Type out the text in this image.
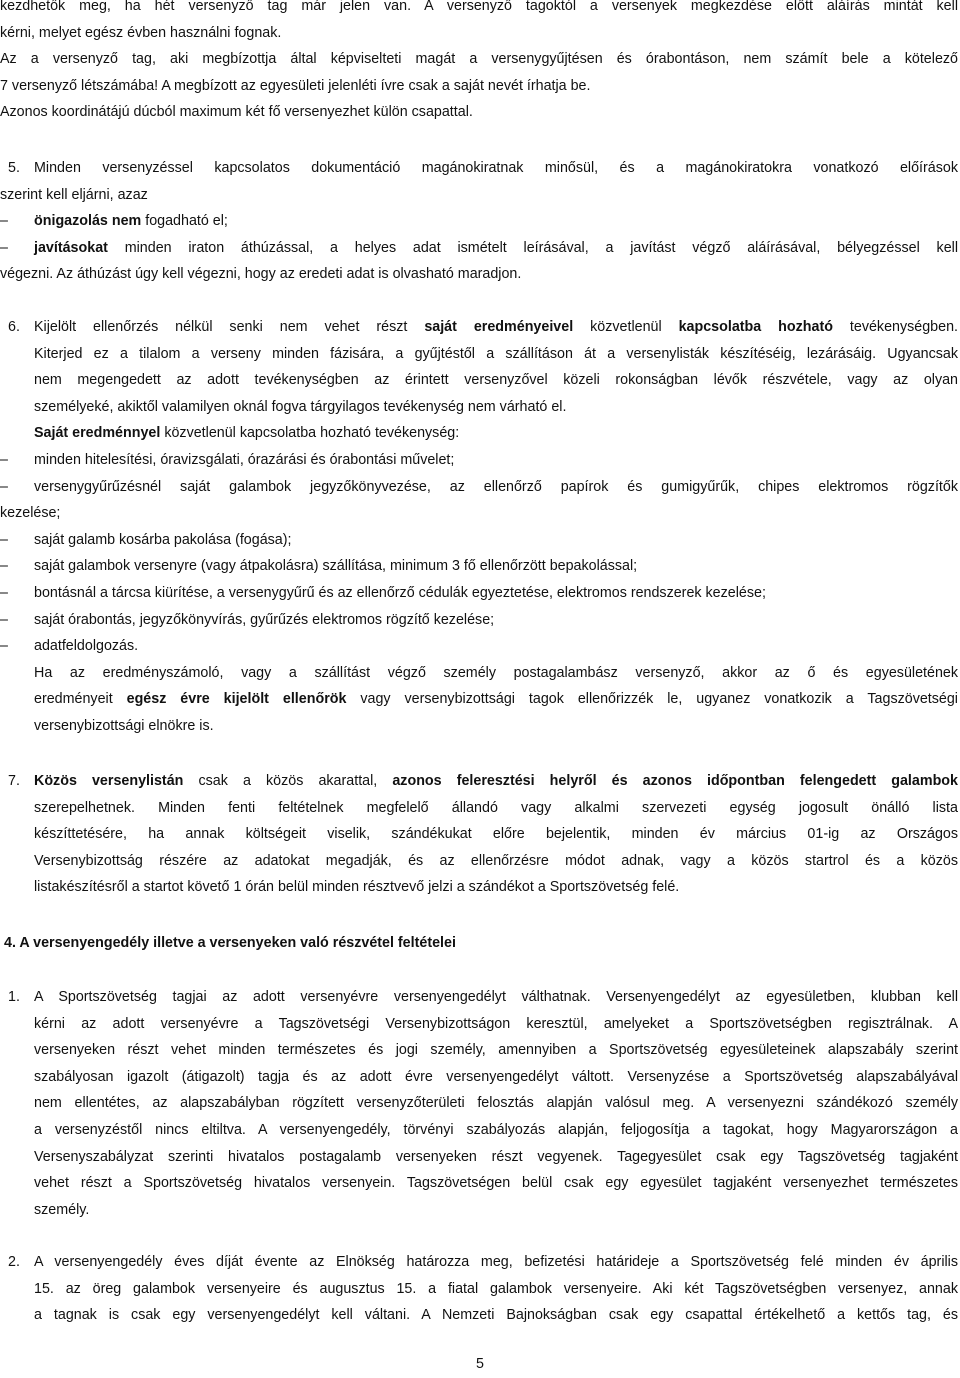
kezdhetők meg, ha hét versenyző tag már jelen van. A versenyző tagoktól a versenyek megkezdése előtt aláírás mintát kell
kérni, melyet egész évben használni fognak.
Az a versenyző tag, aki megbízottja által képviselteti magát a versenygyűjtésen és órabontáson, nem számít bele a kötelező
7 versenyző létszámába! A megbízott az egyesületi jelenléti ívre csak a saját nevét írhatja be.
Azonos koordinátájú dúcból maximum két fő versenyezhet külön csapattal.
5. Minden versenyzéssel kapcsolatos dokumentáció magánokiratnak minősül, és a magánokiratokra vonatkozó előírások
szerint kell eljárni, azaz
– önigazolás nem fogadható el;
– javításokat minden iraton áthúzással, a helyes adat ismételt leírásával, a javítást végző aláírásával, bélyegzéssel kell
végezni. Az áthúzást úgy kell végezni, hogy az eredeti adat is olvasható maradjon.
6. Kijelölt ellenőrzés nélkül senki nem vehet részt saját eredményeivel közvetlenül kapcsolatba hozható tevékenységben.
Kiterjed ez a tilalom a verseny minden fázisára, a gyűjtéstől a szállításon át a versenylisták készítéséig, lezárásáig. Ugyancsak
nem megengedett az adott tevékenységben az érintett versenyzővel közeli rokonságban lévők részvétele, vagy az olyan
személyeké, akiktől valamilyen oknál fogva tárgyilagos tevékenység nem várható el.
Saját eredménnyel közvetlenül kapcsolatba hozható tevékenység:
– minden hitelesítési, óravizsgálati, órazárási és órabontási művelet;
– versenygyűrűzésnél saját galambok jegyzőkönyvezése, az ellenőrző papírok és gumigyűrűk, chipes elektromos rögzítők
kezelése;
– saját galamb kosárba pakolása (fogása);
– saját galambok versenyre (vagy átpakolásra) szállítása, minimum 3 fő ellenőrzött bepakolással;
– bontásnál a tárcsa kiürítése, a versenygyűrű és az ellenőrző cédulák egyeztetése, elektromos rendszerek kezelése;
– saját órabontás, jegyzőkönyvírás, gyűrűzés elektromos rögzítő kezelése;
– adatfeldolgozás.
Ha az eredményszámoló, vagy a szállítást végző személy postagalambász versenyző, akkor az ő és egyesületének
eredményeit egész évre kijelölt ellenőrök vagy versenybizottsági tagok ellenőrizzék le, ugyanez vonatkozik a Tagszövetségi
versenybizottsági elnökre is.
7. Közös versenylistán csak a közös akarattal, azonos feleresztési helyről és azonos időpontban felengedett galambok
szerepelhetnek. Minden fenti feltételnek megfelelő állandó vagy alkalmi szervezeti egység jogosult önálló lista
készíttetésére, ha annak költségeit viselik, szándékukat előre bejelentik, minden év március 01-ig az Országos
Versenybizottság részére az adatokat megadják, és az ellenőrzésre módot adnak, vagy a közös startrol és a közös
listakészítésről a startot követő 1 órán belül minden résztvevő jelzi a szándékot a Sportszövetség felé.
4. A versenyengedély illetve a versenyeken való részvétel feltételei
1. A Sportszövetség tagjai az adott versenyévre versenyengedélyt válthatnak. Versenyengedélyt az egyesületben, klubban kell
kérni az adott versenyévre a Tagszövetségi Versenybizottságon keresztül, amelyeket a Sportszövetségben regisztrálnak. A
versenyeken részt vehet minden természetes és jogi személy, amennyiben a Sportszövetség egyesületeinek alapszabály szerint
szabályosan igazolt (átigazolt) tagja és az adott évre versenyengedélyt váltott. Versenyzése a Sportszövetség alapszabályával
nem ellentétes, az alapszabályban rögzített versenyzőterületi felosztás alapján valósul meg. A versenyezni szándékozó személy
a versenyzéstől nincs eltiltva. A versenyengedély, törvényi szabályozás alapján, feljogosítja a tagokat, hogy Magyarországon a
Versenyszabályzat szerinti hivatalos postagalamb versenyeken részt vegyenek. Tagegyesület csak egy Tagszövetség tagjaként
vehet részt a Sportszövetség hivatalos versenyein. Tagszövetségen belül csak egy egyesület tagjaként versenyezhet természetes
személy.
2. A versenyengedély éves díját évente az Elnökség határozza meg, befizetési határideje a Sportszövetség felé minden év április
15. az öreg galambok versenyeire és augusztus 15. a fiatal galambok versenyeire. Aki két Tagszövetségben versenyez, annak
a tagnak is csak egy versenyengedélyt kell váltani. A Nemzeti Bajnokságban csak egy csapattal értékelhető a kettős tag, és
5
